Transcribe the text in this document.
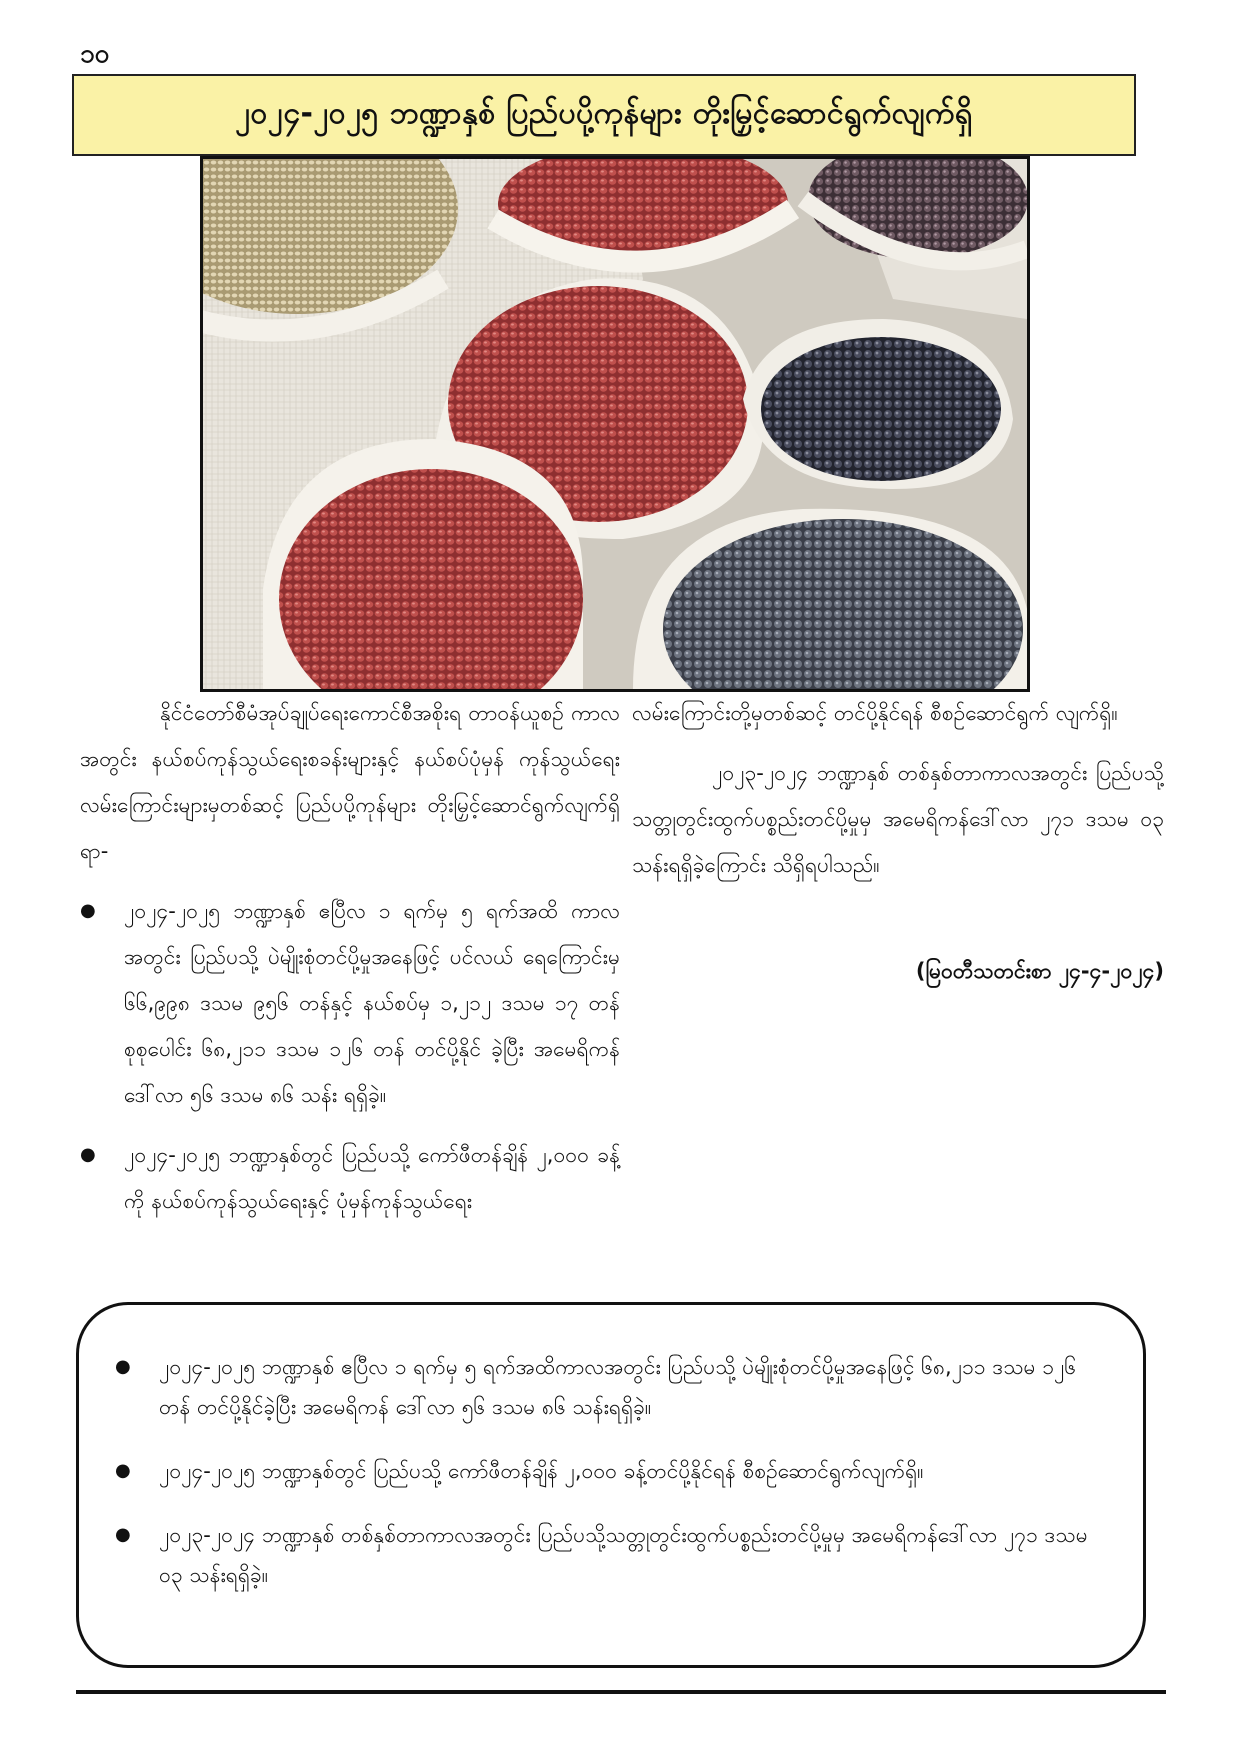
၁၀
၂၀၂၄-၂၀၂၅ ဘဏ္ဍာနှစ် ပြည်ပပို့ကုန်များ တိုးမြှင့်ဆောင်ရွက်လျက်ရှိ

နိုင်ငံတော်စီမံအုပ်ချုပ်ရေးကောင်စီအစိုးရ တာဝန်ယူစဉ် ကာလအတွင်း နယ်စပ်ကုန်သွယ်ရေးစခန်းများနှင့် နယ်စပ်ပုံမှန် ကုန်သွယ်ရေးလမ်းကြောင်းများမှတစ်ဆင့် ပြည်ပပို့ကုန်များ တိုးမြှင့်ဆောင်ရွက်လျက်ရှိရာ-

● ၂၀၂၄-၂၀၂၅ ဘဏ္ဍာနှစ် ဧပြီလ ၁ ရက်မှ ၅ ရက်အထိ ကာလအတွင်း ပြည်ပသို့ ပဲမျိုးစုံတင်ပို့မှုအနေဖြင့် ပင်လယ် ရေကြောင်းမှ ၆၆,၉၉၈ ဒသမ ၉၅၆ တန်နှင့် နယ်စပ်မှ ၁,၂၁၂ ဒသမ ၁၇ တန် စုစုပေါင်း ၆၈,၂၁၁ ဒသမ ၁၂၆ တန် တင်ပို့နိုင် ခဲ့ပြီး အမေရိကန်ဒေါ်လာ ၅၆ ဒသမ ၈၆ သန်း ရရှိခဲ့။
● ၂၀၂၄-၂၀၂၅ ဘဏ္ဍာနှစ်တွင် ပြည်ပသို့ ကော်ဖီတန်ချိန် ၂,၀၀၀ ခန့်ကို နယ်စပ်ကုန်သွယ်ရေးနှင့် ပုံမှန်ကုန်သွယ်ရေး

လမ်းကြောင်းတို့မှတစ်ဆင့် တင်ပို့နိုင်ရန် စီစဉ်ဆောင်ရွက် လျက်ရှိ။

၂၀၂၃-၂၀၂၄ ဘဏ္ဍာနှစ် တစ်နှစ်တာကာလအတွင်း ပြည်ပသို့သတ္တုတွင်းထွက်ပစ္စည်းတင်ပို့မှုမှ အမေရိကန်ဒေါ်လာ ၂၇၁ ဒသမ ၀၃ သန်းရရှိခဲ့ကြောင်း သိရှိရပါသည်။

(မြဝတီသတင်းစာ ၂၄-၄-၂၀၂၄)

● ၂၀၂၄-၂၀၂၅ ဘဏ္ဍာနှစ် ဧပြီလ ၁ ရက်မှ ၅ ရက်အထိကာလအတွင်း ပြည်ပသို့ ပဲမျိုးစုံတင်ပို့မှုအနေဖြင့် ၆၈,၂၁၁ ဒသမ ၁၂၆ တန် တင်ပို့နိုင်ခဲ့ပြီး အမေရိကန် ဒေါ်လာ ၅၆ ဒသမ ၈၆ သန်းရရှိခဲ့။
● ၂၀၂၄-၂၀၂၅ ဘဏ္ဍာနှစ်တွင် ပြည်ပသို့ ကော်ဖီတန်ချိန် ၂,၀၀၀ ခန့်တင်ပို့နိုင်ရန် စီစဉ်ဆောင်ရွက်လျက်ရှိ။
● ၂၀၂၃-၂၀၂၄ ဘဏ္ဍာနှစ် တစ်နှစ်တာကာလအတွင်း ပြည်ပသို့သတ္တုတွင်းထွက်ပစ္စည်းတင်ပို့မှုမှ အမေရိကန်ဒေါ်လာ ၂၇၁ ဒသမ ၀၃ သန်းရရှိခဲ့။
